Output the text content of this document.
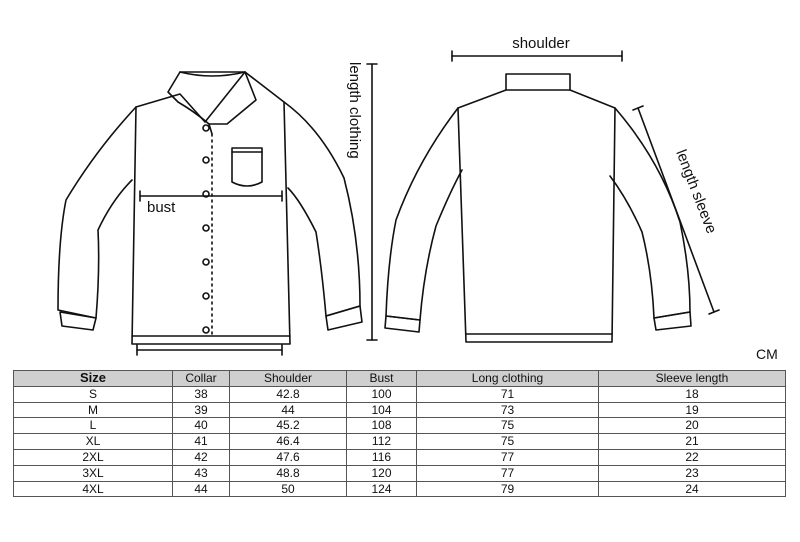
shoulder
bust
length clothing
length sleeve
CM
Size	Collar	Shoulder	Bust	Long clothing	Sleeve length
S	38	42.8	100	71	18
M	39	44	104	73	19
L	40	45.2	108	75	20
XL	41	46.4	112	75	21
2XL	42	47.6	116	77	22
3XL	43	48.8	120	77	23
4XL	44	50	124	79	24
